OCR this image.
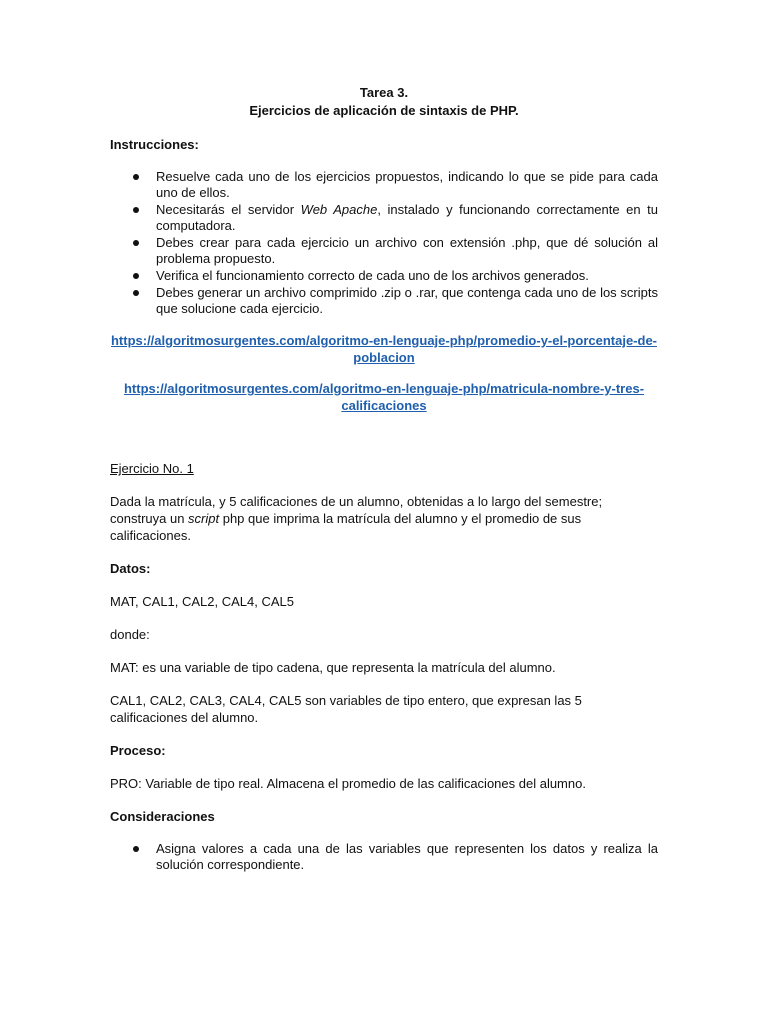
Tarea 3.

Ejercicios de aplicación de sintaxis de PHP.

Instrucciones:

Resuelve cada uno de los ejercicios propuestos, indicando lo que se pide para cada uno de ellos.
Necesitarás el servidor Web Apache, instalado y funcionando correctamente en tu computadora.
Debes crear para cada ejercicio un archivo con extensión .php, que dé solución al problema propuesto.
Verifica el funcionamiento correcto de cada uno de los archivos generados.
Debes generar un archivo comprimido .zip o .rar, que contenga cada uno de los scripts que solucione cada ejercicio.

https://algoritmosurgentes.com/algoritmo-en-lenguaje-php/promedio-y-el-porcentaje-de-
poblacion

https://algoritmosurgentes.com/algoritmo-en-lenguaje-php/matricula-nombre-y-tres-
calificaciones

Ejercicio No. 1

Dada la matrícula, y 5 calificaciones de un alumno, obtenidas a lo largo del semestre; construya un script php que imprima la matrícula del alumno y el promedio de sus calificaciones.

Datos:

MAT, CAL1, CAL2, CAL4, CAL5

donde:

MAT: es una variable de tipo cadena, que representa la matrícula del alumno.

CAL1, CAL2, CAL3, CAL4, CAL5 son variables de tipo entero, que expresan las 5 calificaciones del alumno.

Proceso:

PRO: Variable de tipo real. Almacena el promedio de las calificaciones del alumno.

Consideraciones

Asigna valores a cada una de las variables que representen los datos y realiza la solución correspondiente.
